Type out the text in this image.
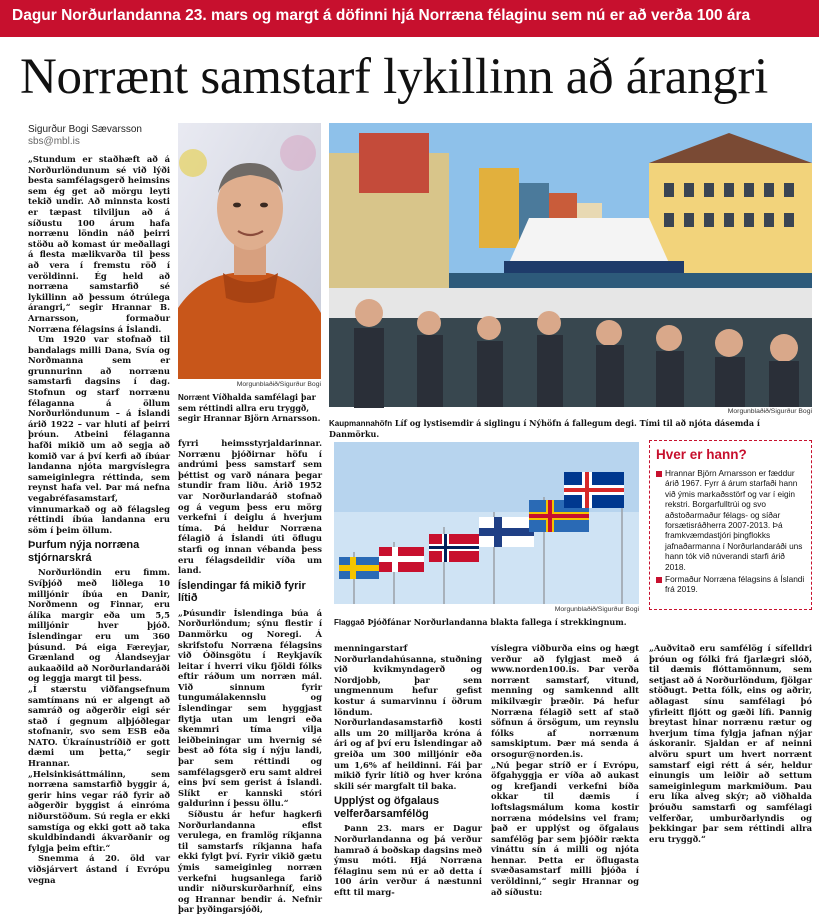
Dagur Norðurlandanna 23. mars og margt á döfinni hjá Norræna félaginu sem nú er að verða 100 ára
Norrænt samstarf lykillinn að árangri
Sigurður Bogi Sævarsson
sbs@mbl.is

„Stundum er staðhæft að á Norðurlöndunum sé við lýði besta samfélagsgerð heimsins sem ég get að mörgu leyti tekið undir. Að minnsta kosti er tæpast tilviljun að á síðustu 100 árum hafa norrænu löndin náð þeirri stöðu að komast úr meðallagi á flesta mælikvarða til þess að vera í fremstu röð í veröldinni. Ég held að norræna samstarfið sé lykillinn að þessum ótrúlega árangri,“ segir Hrannar B. Arnarsson, formaður Norræna félagsins á Íslandi.

Um 1920 var stofnað til bandalags milli Dana, Svía og Norðmanna sem er grunnurinn að norrænu samstarfi dagsins í dag. Stofnun og starf norrænu félaganna á öllum Norðurlöndunum – á Íslandi árið 1922 – var hluti af þeirri þróun. Atbeini félaganna hafði mikið um að segja að komið var á því kerfi að íbúar landanna njóta margvíslegra sameiginlegra réttinda, sem reynst hafa vel. Þar má nefna vegabréfasamstarf, vinnumarkað og að félagsleg réttindi íbúa landanna eru söm í þeim öllum.

Þurfum nýja norræna stjórnarskrá

Norðurlöndin eru fimm. Svíþjóð með liðlega 10 milljónir íbúa en Danir, Norðmenn og Finnar, eru álíka margir eða um 5,5 milljónir hver þjóð. Íslendingar eru um 360 þúsund. Þá eiga Færeyjar, Grænland og Álandseyjar aukaaðild að Norðurlandaráði og leggja margt til þess.

„Í stærstu viðfangsefnum samtímans nú er algengt að samráð og aðgerðir eigi sér stað í gegnum alþjóðlegar stofnanir, svo sem ESB eða NATO. Úkraínustríðið er gott dæmi um þetta,“ segir Hrannar. „Helsinkisáttmálinn, sem norræna samstarfið byggir á, gerir hins vegar ráð fyrir að aðgerðir byggist á einróma niðurstöðum. Sú regla er ekki samstíga og ekki gott að taka skuldbindandi ákvarðanir og fylgja þeim eftir.“

Snemma á 20. öld var viðsjárvert ástand í Evrópu vegna

Morgunblaðið/Sigurður Bogi
Norrænt Víðhalda samfélagi þar sem réttindi allra eru tryggð, segir Hrannar Björn Arnarsson.
Morgunblaðið/Sigurður Bogi
Kaupmannahöfn Líf og lystisemdir á siglingu í Nýhöfn á fallegum degi. Tími til að njóta dásemda í Danmörku.
Morgunblaðið/Sigurður Bogi
Flaggað Þjóðfánar Norðurlandanna blakta fallega í strekkingnum.

fyrri heimsstyrjaldarinnar. Norrænu þjóðirnar höfu í andrúmi þess samstarf sem þéttist og varð nánara þegar stundir fram liðu. Árið 1952 var Norðurlandaráð stofnað og á vegum þess eru mörg verkefni í deiglu á hverjum tíma. Þá heldur Norræna félagið á Íslandi úti öflugu starfi og innan vébanda þess eru félagsdeildir víða um land.

Íslendingar fá mikið fyrir lítið

„Þúsundir Íslendinga búa á Norðurlöndum; sýnu flestir í Danmörku og Noregi. Á skrifstofu Norræna félagsins við Óðinsgötu í Reykjavík leitar í hverri viku fjöldi fólks eftir ráðum um norræn mál. Við sinnum fyrir tungumálakennslu og Íslendingar sem hyggjast flytja utan um lengri eða skemmri tíma vilja leiðbeiningar um hvernig sé best að fóta sig í nýju landi, þar sem réttindi og samfélagsgerð eru samt aldrei eins því sem gerist á Íslandi. Slíkt er kannski stóri galdurinn í þessu öllu.“

Síðustu ár hefur hagkerfi Norðurlandanna eflst verulega, en framlög ríkjanna til samstarfs ríkjanna hafa ekki fylgt því. Fyrir vikið gætu ýmis sameiginleg norræn verkefni hugsanlega farið undir niðurskurðarhníf, eins og Hrannar bendir á. Nefnir þar þyðingarsjóði,

menningarstarf Norðurlandahúsanna, stuðning við kvikmyndagerð og Nordjobb, þar sem ungmennum hefur gefist kostur á sumarvinnu í öðrum löndum. Norðurlandasamstarfið kosti alls um 20 milljarða króna á ári og af því eru Íslendingar að greiða um 300 milljónir eða um 1,6% af heildinni. Fái þar mikið fyrir lítið og hver króna skili sér margfalt til baka.

Upplýst og öfgalaus velferðarsamfélög

Þann 23. mars er Dagur Norðurlandanna og þá verður hamrað á boðskap dagsins með ýmsu móti. Hjá Norræna félaginu sem nú er að detta í 100 árin verður á næstunni eftt til marg-

víslegra viðburða eins og hægt verður að fylgjast með á www.norden100.is. Þar verða norrænt samstarf, vitund, menning og samkennd allt mikilvægir þræðir. Þá hefur Norræna félagið sett af stað söfnun á örsögum, um reynslu fólks af norrænum samskiptum. Þær má senda á orsogur@norden.is.

„Nú þegar stríð er í Evrópu, öfgahyggja er víða að aukast og krefjandi verkefni bíða okkar til dæmis í loftslagsmálum koma kostir norræna módelsins vel fram; það er upplýst og öfgalaus samfélög þar sem þjóðir rækta vináttu sín á milli og njóta hennar. Þetta er öflugasta svæðasamstarf milli þjóða í veröldinni,“ segir Hrannar og að síðustu:

„Auðvitað eru samfélög í sífelldri þróun og fólki frá fjarlægri slóð, til dæmis flóttamönnum, sem setjast að á Norðurlöndum, fjölgar stöðugt. Þetta fólk, eins og aðrir, aðlagast sínu samfélagi þó yfirleitt fljótt og gæði lífi. Þannig breytast hinar norrænu rætur og hverjum tíma fylgja jafnan nýjar áskoranir. Sjaldan er af neinni alvöru spurt um hvert norrænt samstarf eigi rétt á sér, heldur einungis um leiðir að settum sameiginlegum markmiðum. Þau eru líka alveg skýr; að viðhalda þróuðu samstarfi og samfélagi velferðar, umburðarlyndis og þekkingar þar sem réttindi allra eru tryggð.“

Hver er hann?
Hrannar Björn Arnarsson er fæddur árið 1967. Fyrr á árum starfaði hann við ýmis markaðsstörf og var í eigin rekstri. Borgarfulltrúi og svo aðstoðarmaður félags- og síðar forsætisráðherra 2007-2013. Þá framkvæmdastjóri þingflokks jafnaðarmanna í Norðurlandaráði uns hann tók við núverandi starfi árið 2018.
Formaður Norræna félagsins á Íslandi frá 2019.
